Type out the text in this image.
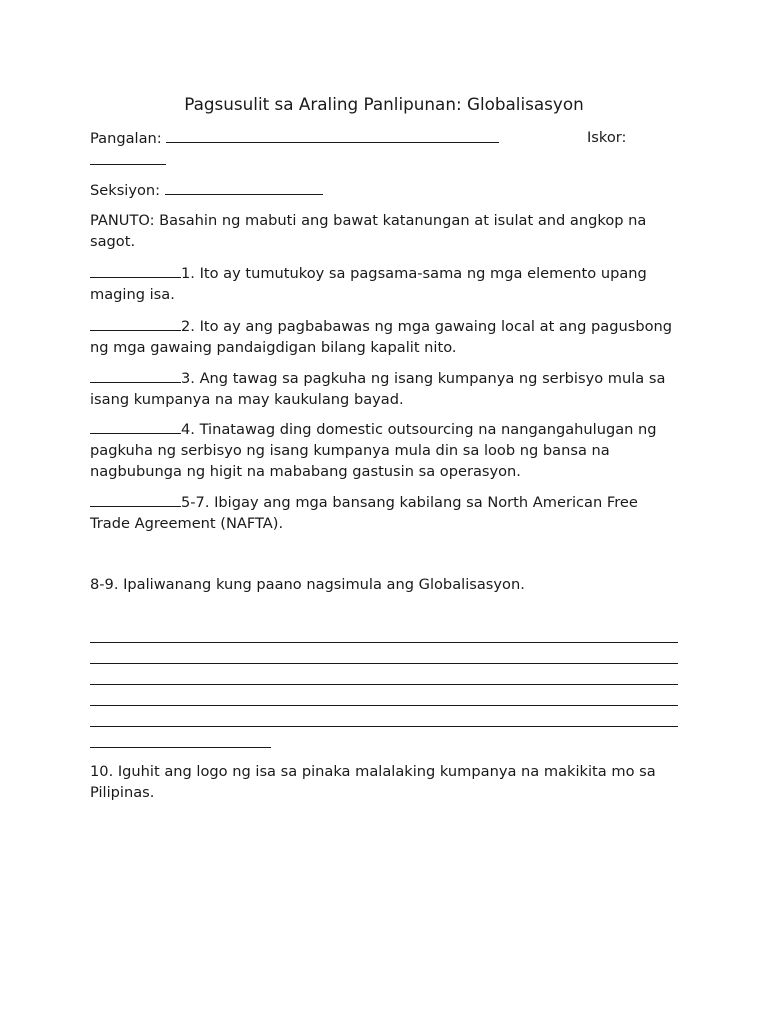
Pagsusulit sa Araling Panlipunan: Globalisasyon
Pangalan:	Iskor:
Seksiyon:
PANUTO: Basahin ng mabuti ang bawat katanungan at isulat and angkop na sagot.
1. Ito ay tumutukoy sa pagsama-sama ng mga elemento upang maging isa.
2. Ito ay ang pagbabawas ng mga gawaing local at ang pagusbong ng mga gawaing pandaigdigan bilang kapalit nito.
3. Ang tawag sa pagkuha ng isang kumpanya ng serbisyo mula sa isang kumpanya na may kaukulang bayad.
4. Tinatawag ding domestic outsourcing na nangangahulugan ng pagkuha ng serbisyo ng isang kumpanya mula din sa loob ng bansa na nagbubunga ng higit na mababang gastusin sa operasyon.
5-7. Ibigay ang mga bansang kabilang sa North American Free Trade Agreement (NAFTA).
8-9. Ipaliwanang kung paano nagsimula ang Globalisasyon.
10. Iguhit ang logo ng isa sa pinaka malalaking kumpanya na makikita mo sa Pilipinas.
